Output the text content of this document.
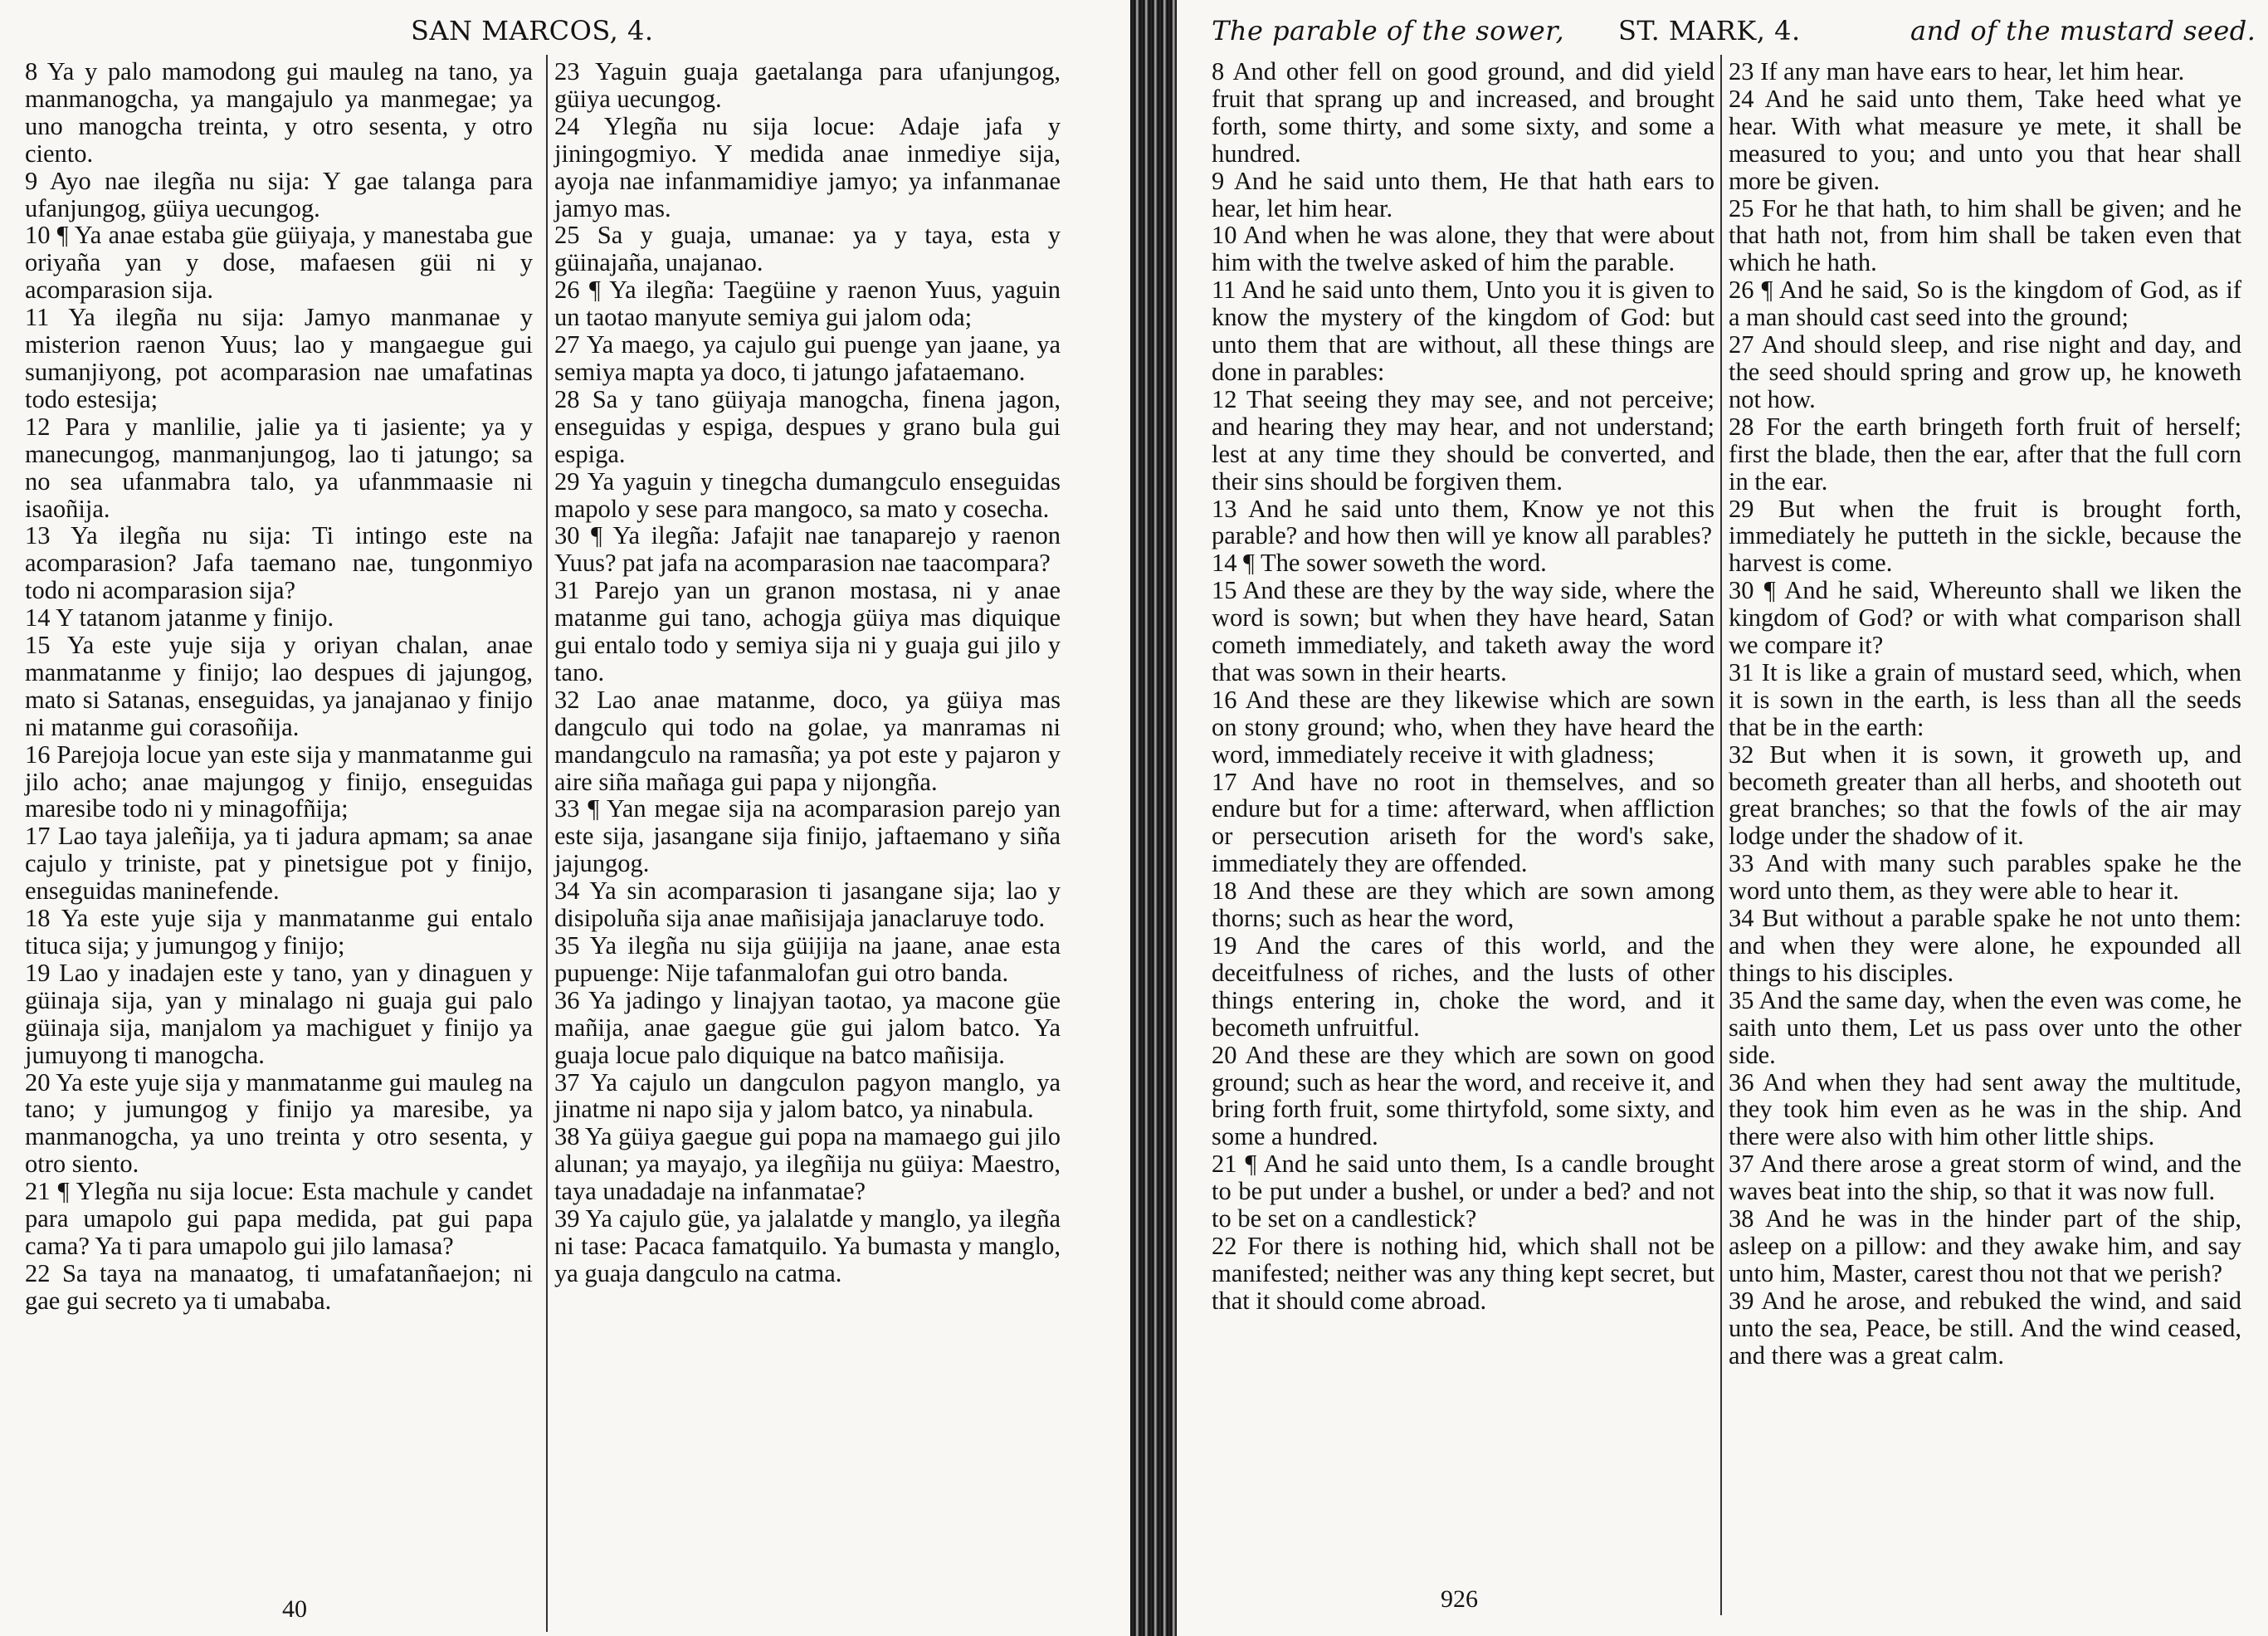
SAN MARCOS, 4.

8 Ya y palo mamodong gui mauleg na tano, ya manmanogcha, ya mangajulo ya manmegae; ya uno manogcha treinta, y otro sesenta, y otro ciento.

9 Ayo nae ilegña nu sija: Y gae talanga para ufanjungog, güiya uecungog.

10 ¶ Ya anae estaba güe güiyaja, y manestaba gue oriyaña yan y dose, mafaesen güi ni y acomparasion sija.

11 Ya ilegña nu sija: Jamyo manmanae y misterion raenon Yuus; lao y mangaegue gui sumanjiyong, pot acomparasion nae umafatinas todo estesija;

12 Para y manlilie, jalie ya ti jasiente; ya y manecungog, manmanjungog, lao ti jatungo; sa no sea ufanmabra talo, ya ufanmmaasie ni isaoñija.

13 Ya ilegña nu sija: Ti intingo este na acomparasion? Jafa taemano nae, tungonmiyo todo ni acomparasion sija?

14 Y tatanom jatanme y finijo.

15 Ya este yuje sija y oriyan chalan, anae manmatanme y finijo; lao despues di jajungog, mato si Satanas, enseguidas, ya janajanao y finijo ni matanme gui corasoñija.

16 Parejoja locue yan este sija y manmatanme gui jilo acho; anae majungog y finijo, enseguidas maresibe todo ni y minagofñija;

17 Lao taya jaleñija, ya ti jadura apmam; sa anae cajulo y triniste, pat y pinetsigue pot y finijo, enseguidas maninefende.

18 Ya este yuje sija y manmatanme gui entalo tituca sija; y jumungog y finijo;

19 Lao y inadajen este y tano, yan y dinaguen y güinaja sija, yan y minalago ni guaja gui palo güinaja sija, manjalom ya machiguet y finijo ya jumuyong ti manogcha.

20 Ya este yuje sija y manmatanme gui mauleg na tano; y jumungog y finijo ya maresibe, ya manmanogcha, ya uno treinta y otro sesenta, y otro siento.

21 ¶ Ylegña nu sija locue: Esta machule y candet para umapolo gui papa medida, pat gui papa cama? Ya ti para umapolo gui jilo lamasa?

22 Sa taya na manaatog, ti umafatanñaejon; ni gae gui secreto ya ti umababa.

23 Yaguin guaja gaetalanga para ufanjungog, güiya uecungog.

24 Ylegña nu sija locue: Adaje jafa y jiningogmiyo. Y medida anae inmediye sija, ayoja nae infanmamidiye jamyo; ya infanmanae jamyo mas.

25 Sa y guaja, umanae: ya y taya, esta y güinajaña, unajanao.

26 ¶ Ya ilegña: Taegüine y raenon Yuus, yaguin un taotao manyute semiya gui jalom oda;

27 Ya maego, ya cajulo gui puenge yan jaane, ya semiya mapta ya doco, ti jatungo jafataemano.

28 Sa y tano güiyaja manogcha, finena jagon, enseguidas y espiga, despues y grano bula gui espiga.

29 Ya yaguin y tinegcha dumangculo enseguidas mapolo y sese para mangoco, sa mato y cosecha.

30 ¶ Ya ilegña: Jafajit nae tanaparejo y raenon Yuus? pat jafa na acomparasion nae taacompara?

31 Parejo yan un granon mostasa, ni y anae matanme gui tano, achogja güiya mas diquique gui entalo todo y semiya sija ni y guaja gui jilo y tano.

32 Lao anae matanme, doco, ya güiya mas dangculo qui todo na golae, ya manramas ni mandangculo na ramasña; ya pot este y pajaron y aire siña mañaga gui papa y nijongña.

33 ¶ Yan megae sija na acomparasion parejo yan este sija, jasangane sija finijo, jaftaemano y siña jajungog.

34 Ya sin acomparasion ti jasangane sija; lao y disipoluña sija anae mañisijaja janaclaruye todo.

35 Ya ilegña nu sija güijija na jaane, anae esta pupuenge: Nije tafanmalofan gui otro banda.

36 Ya jadingo y linajyan taotao, ya macone güe mañija, anae gaegue güe gui jalom batco. Ya guaja locue palo diquique na batco mañisija.

37 Ya cajulo un dangculon pagyon manglo, ya jinatme ni napo sija y jalom batco, ya ninabula.

38 Ya güiya gaegue gui popa na mamaego gui jilo alunan; ya mayajo, ya ilegñija nu güiya: Maestro, taya unadadaje na infanmatae?

39 Ya cajulo güe, ya jalalatde y manglo, ya ilegña ni tase: Pacaca famatquilo. Ya bumasta y manglo, ya guaja dangculo na catma.

40
The parable of the sower, ST. MARK, 4.	and of the mustard seed.

8 And other fell on good ground, and did yield fruit that sprang up and increased, and brought forth, some thirty, and some sixty, and some a hundred.

9 And he said unto them, He that hath ears to hear, let him hear.

10 And when he was alone, they that were about him with the twelve asked of him the parable.

11 And he said unto them, Unto you it is given to know the mystery of the kingdom of God: but unto them that are without, all these things are done in parables:

12 That seeing they may see, and not perceive; and hearing they may hear, and not understand; lest at any time they should be converted, and their sins should be forgiven them.

13 And he said unto them, Know ye not this parable? and how then will ye know all parables?

14 ¶ The sower soweth the word.

15 And these are they by the way side, where the word is sown; but when they have heard, Satan cometh immediately, and taketh away the word that was sown in their hearts.

16 And these are they likewise which are sown on stony ground; who, when they have heard the word, immediately receive it with gladness;

17 And have no root in themselves, and so endure but for a time: afterward, when affliction or persecution ariseth for the word's sake, immediately they are offended.

18 And these are they which are sown among thorns; such as hear the word,

19 And the cares of this world, and the deceitfulness of riches, and the lusts of other things entering in, choke the word, and it becometh unfruitful.

20 And these are they which are sown on good ground; such as hear the word, and receive it, and bring forth fruit, some thirtyfold, some sixty, and some a hundred.

21 ¶ And he said unto them, Is a candle brought to be put under a bushel, or under a bed? and not to be set on a candlestick?

22 For there is nothing hid, which shall not be manifested; neither was any thing kept secret, but that it should come abroad.

23 If any man have ears to hear, let him hear.

24 And he said unto them, Take heed what ye hear. With what measure ye mete, it shall be measured to you; and unto you that hear shall more be given.

25 For he that hath, to him shall be given; and he that hath not, from him shall be taken even that which he hath.

26 ¶ And he said, So is the kingdom of God, as if a man should cast seed into the ground;

27 And should sleep, and rise night and day, and the seed should spring and grow up, he knoweth not how.

28 For the earth bringeth forth fruit of herself; first the blade, then the ear, after that the full corn in the ear.

29 But when the fruit is brought forth, immediately he putteth in the sickle, because the harvest is come.

30 ¶ And he said, Whereunto shall we liken the kingdom of God? or with what comparison shall we compare it?

31 It is like a grain of mustard seed, which, when it is sown in the earth, is less than all the seeds that be in the earth:

32 But when it is sown, it groweth up, and becometh greater than all herbs, and shooteth out great branches; so that the fowls of the air may lodge under the shadow of it.

33 And with many such parables spake he the word unto them, as they were able to hear it.

34 But without a parable spake he not unto them: and when they were alone, he expounded all things to his disciples.

35 And the same day, when the even was come, he saith unto them, Let us pass over unto the other side.

36 And when they had sent away the multitude, they took him even as he was in the ship. And there were also with him other little ships.

37 And there arose a great storm of wind, and the waves beat into the ship, so that it was now full.

38 And he was in the hinder part of the ship, asleep on a pillow: and they awake him, and say unto him, Master, carest thou not that we perish?

39 And he arose, and rebuked the wind, and said unto the sea, Peace, be still. And the wind ceased, and there was a great calm.

926
